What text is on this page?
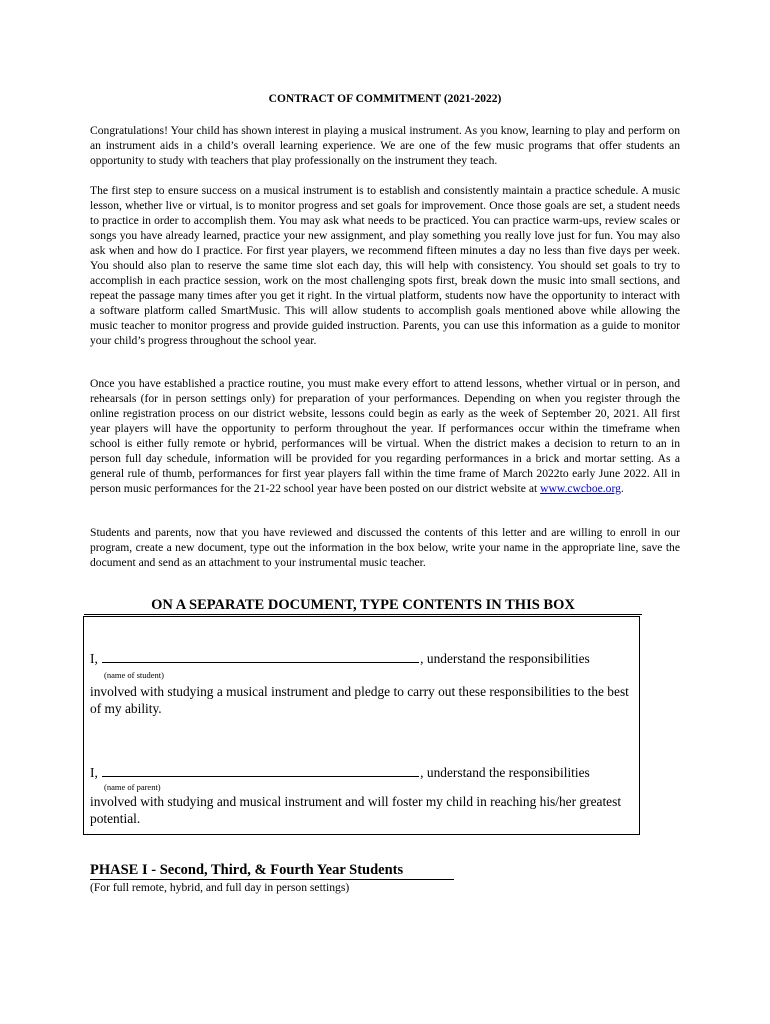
CONTRACT OF COMMITMENT (2021-2022)

Congratulations! Your child has shown interest in playing a musical instrument. As you know, learning to play and perform on an instrument aids in a child’s overall learning experience. We are one of the few music programs that offer students an opportunity to study with teachers that play professionally on the instrument they teach.

The first step to ensure success on a musical instrument is to establish and consistently maintain a practice schedule. A music lesson, whether live or virtual, is to monitor progress and set goals for improvement. Once those goals are set, a student needs to practice in order to accomplish them. You may ask what needs to be practiced. You can practice warm-ups, review scales or songs you have already learned, practice your new assignment, and play something you really love just for fun. You may also ask when and how do I practice. For first year players, we recommend fifteen minutes a day no less than five days per week. You should also plan to reserve the same time slot each day, this will help with consistency. You should set goals to try to accomplish in each practice session, work on the most challenging spots first, break down the music into small sections, and repeat the passage many times after you get it right. In the virtual platform, students now have the opportunity to interact with a software platform called SmartMusic. This will allow students to accomplish goals mentioned above while allowing the music teacher to monitor progress and provide guided instruction. Parents, you can use this information as a guide to monitor your child’s progress throughout the school year.

Once you have established a practice routine, you must make every effort to attend lessons, whether virtual or in person, and rehearsals (for in person settings only) for preparation of your performances. Depending on when you register through the online registration process on our district website, lessons could begin as early as the week of September 20, 2021. All first year players will have the opportunity to perform throughout the year. If performances occur within the timeframe when school is either fully remote or hybrid, performances will be virtual. When the district makes a decision to return to an in person full day schedule, information will be provided for you regarding performances in a brick and mortar setting. As a general rule of thumb, performances for first year players fall within the time frame of March 2022to early June 2022. All in person music performances for the 21-22 school year have been posted on our district website at www.cwcboe.org.

Students and parents, now that you have reviewed and discussed the contents of this letter and are willing to enroll in our program, create a new document, type out the information in the box below, write your name in the appropriate line, save the document and send as an attachment to your instrumental music teacher.

ON A SEPARATE DOCUMENT, TYPE CONTENTS IN THIS BOX
I,	, understand the responsibilities
(name of student)

involved with studying a musical instrument and pledge to carry out these responsibilities to the best of my ability.

I,	, understand the responsibilities
(name of parent)

involved with studying and musical instrument and will foster my child in reaching his/her greatest potential.

PHASE I - Second, Third, & Fourth Year Students
(For full remote, hybrid, and full day in person settings)
